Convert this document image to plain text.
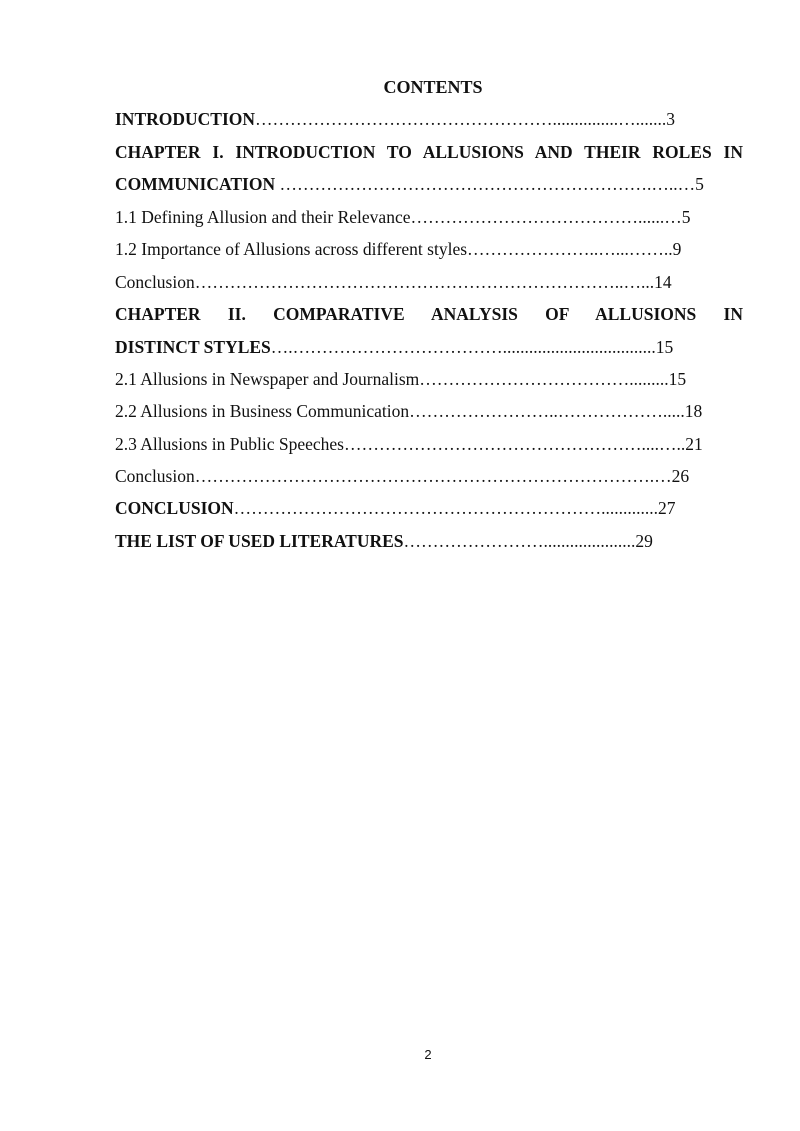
CONTENTS
INTRODUCTION……………………………………………...............….......3
CHAPTER I. INTRODUCTION TO ALLUSIONS AND THEIR ROLES IN
COMMUNICATION ……………………………………………………….…..…5
1.1 Defining Allusion and their Relevance…………………………………......…5
1.2 Importance of Allusions across different styles…………………..…...……..9
Conclusion………………………………………………………………..…...14
CHAPTER II. COMPARATIVE ANALYSIS OF ALLUSIONS IN
DISTINCT STYLES….………………………………...................................15
2.1 Allusions in Newspaper and Journalism……………………………….........15
2.2 Allusions in Business Communication……………………..……………….....18
2.3 Allusions in Public Speeches……………………………………………....…..21
Conclusion…………………………………………………………………….…26
CONCLUSION……………………………………………………….............27
THE LIST OF USED LITERATURES…………………….....................29
2
